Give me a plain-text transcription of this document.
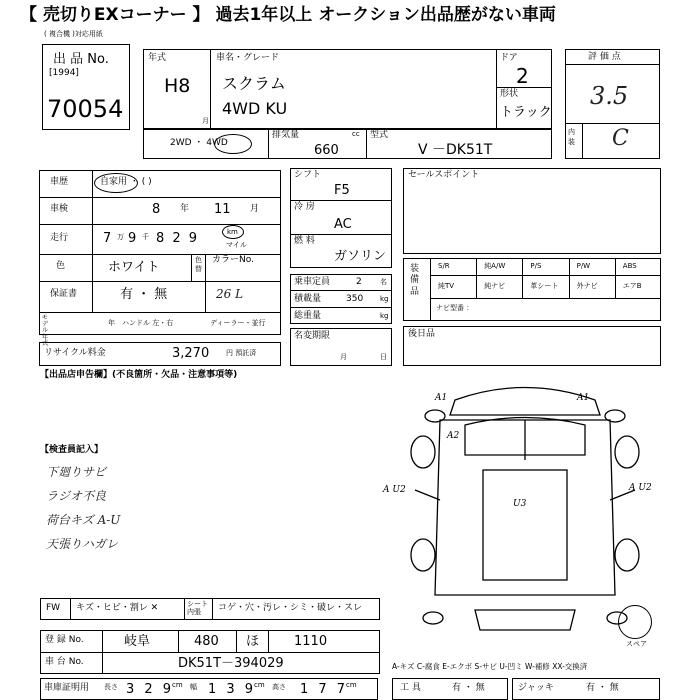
【 売切りEXコーナー 】 過去1年以上 オークション出品歴がない車両
( 複合機 )対応用紙
出 品 No.
[1994]
70054
年式
H8
月
車名・グレード
スクラム
4WD KU
ドア
2
形状
トラック
2WD ・ 4WD
排気量	cc
660
型式
V －DK51T
評 価 点
3.5
内装 C
車歴	自家用 ・ ( )
車検	8 年 11 月
走行	7 万 9 千 8 2 9	km
マイル
色	ホワイト	色替
カラーNo.
26 L
保証書	有 ・ 無
モデル年式
年 ハンドル 左・右	ディーラー・並行
リサイクル料金	3,270 円 預託済
シフト
F5
冷 房
AC
燃 料
ガソリン
乗車定員	2	名
積載量	350 kg
総重量	kg
名変期限
月	日
セールスポイント
装 備 品
S/R	純A/W	P/S	P/W	ABS
純TV	純ナビ	革シート	外ナビ	エアB
ナビ型番 ：
後日品
【出品店申告欄】(不良箇所・欠品・注意事項等)
【検査員記入】
下廻りサビ
ラジオ不良
荷台キズ A-U
天張りハガレ
A1	A1
A2
A U2	A U2
U3
スペア
FW キズ・ヒビ・割レ ✕	シート 内張	コゲ・穴・汚レ・シミ・破レ・スレ
登 録 No.	岐阜	480 ほ	1110
車 台 No.	DK51T－394029	A-キズ C-腐食 E-エクボ S-サビ U-凹ミ W-補修 XX-交換済
車庫証明用 長さ 3 2 9
cm 幅 1 3 9
cm 高さ 1 7 7
cm	工 具	有 ・ 無	ジャッキ	有 ・ 無
